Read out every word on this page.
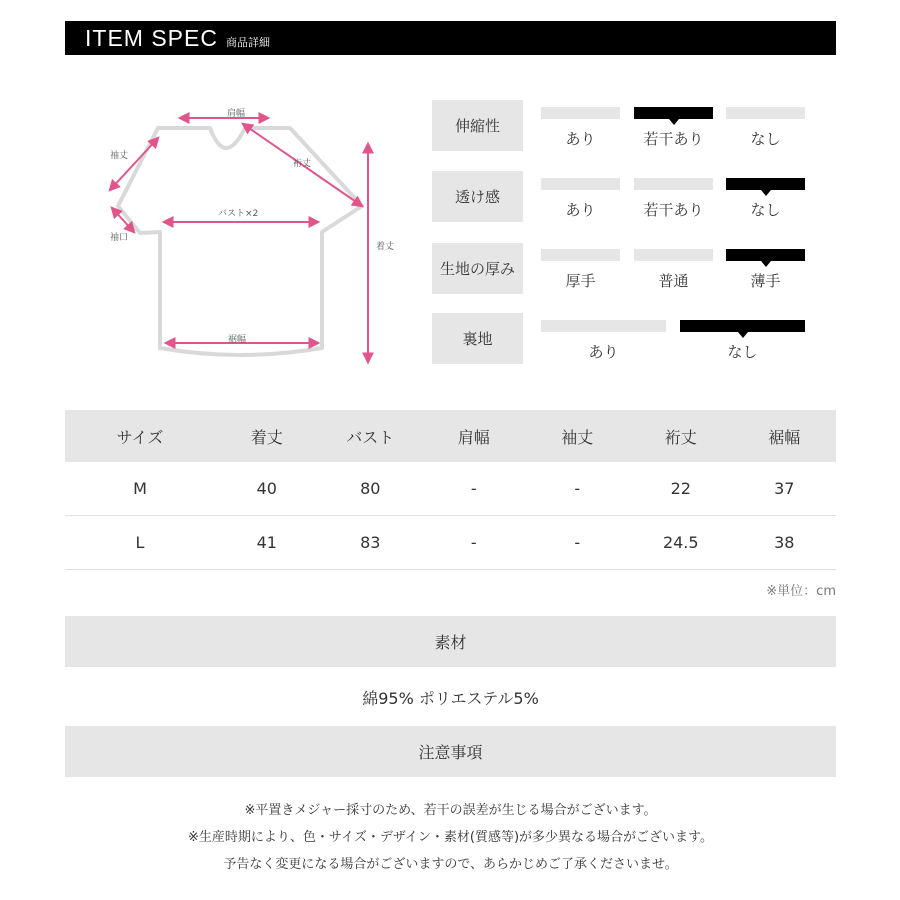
ITEM SPEC 商品詳細
肩幅
袖丈
裄丈
バスト×2
袖口
着丈
裾幅
伸縮性
あり	若干あり	なし
透け感
あり	若干あり	なし
生地の厚み
厚手	普通	薄手
裏地
あり	なし
サイズ	着丈	バスト	肩幅	袖丈	裄丈	裾幅
M	40	80	-	-	22	37
L	41	83	-	-	24.5	38
※単位：cm
素材
綿95% ポリエステル5%
注意事項
※平置きメジャー採寸のため、若干の誤差が生じる場合がございます。
※生産時期により、色・サイズ・デザイン・素材(質感等)が多少異なる場合がございます。
予告なく変更になる場合がございますので、あらかじめご了承くださいませ。
